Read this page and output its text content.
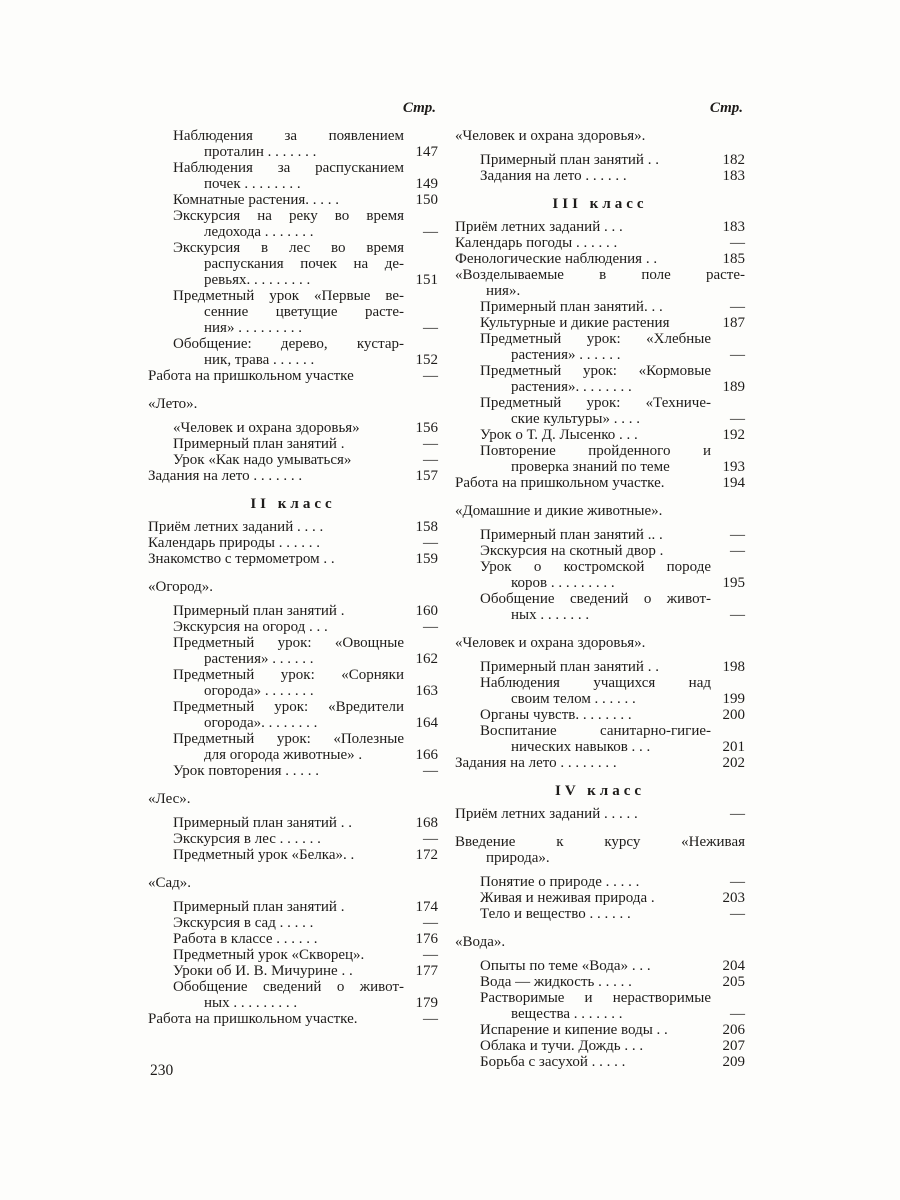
Стр.
Наблюдения за появлением
проталин . . . . . . .	147
Наблюдения за распусканием
почек . . . . . . . .	149
Комнатные растения. . . . .	150
Экскурсия на реку во время
ледохода . . . . . . .	—
Экскурсия в лес во время
распускания почек на де-
ревьях. . . . . . . . .	151
Предметный урок «Первые ве-
сенние цветущие расте-
ния» . . . . . . . . .	—
Обобщение: дерево, кустар-
ник, трава . . . . . .	152
Работа на пришкольном участке	—
«Лето».
«Человек и охрана здоровья»	156
Примерный план занятий .	—
Урок «Как надо умываться»	—
Задания на лето . . . . . . .	157
II класс
Приём летних заданий . . . .	158
Календарь природы . . . . . .	—
Знакомство с термометром . .	159
«Огород».
Примерный план занятий .	160
Экскурсия на огород . . .	—
Предметный урок: «Овощные
растения» . . . . . .	162
Предметный урок: «Сорняки
огорода» . . . . . . .	163
Предметный урок: «Вредители
огорода». . . . . . . .	164
Предметный урок: «Полезные
для огорода животные» .	166
Урок повторения . . . . .	—
«Лес».
Примерный план занятий . .	168
Экскурсия в лес . . . . . .	—
Предметный урок «Белка». .	172
«Сад».
Примерный план занятий .	174
Экскурсия в сад . . . . .	—
Работа в классе . . . . . .	176
Предметный урок «Скворец».	—
Уроки об И. В. Мичурине . .	177
Обобщение сведений о живот-
ных . . . . . . . . .	179
Работа на пришкольном участке.	—
Стр.
«Человек и охрана здоровья».
Примерный план занятий . .	182
Задания на лето . . . . . .	183
III класс
Приём летних заданий . . .	183
Календарь погоды . . . . . .	—
Фенологические наблюдения . .	185
«Возделываемые в поле расте-
ния».
Примерный план занятий. . .	—
Культурные и дикие растения	187
Предметный урок: «Хлебные
растения» . . . . . .	—
Предметный урок: «Кормовые
растения». . . . . . . .	189
Предметный урок: «Техниче-
ские культуры» . . . .	—
Урок о Т. Д. Лысенко . . .	192
Повторение пройденного и
проверка знаний по теме	193
Работа на пришкольном участке.	194
«Домашние и дикие животные».
Примерный план занятий .. .	—
Экскурсия на скотный двор .	—
Урок о костромской породе
коров . . . . . . . . .	195
Обобщение сведений о живот-
ных . . . . . . .	—
«Человек и охрана здоровья».
Примерный план занятий . .	198
Наблюдения учащихся над
своим телом . . . . . .	199
Органы чувств. . . . . . . .	200
Воспитание санитарно-гигие-
нических навыков . . .	201
Задания на лето . . . . . . . .	202
IV класс
Приём летних заданий . . . . .	—
Введение к курсу «Неживая
природа».
Понятие о природе . . . . .	—
Живая и неживая природа .	203
Тело и вещество . . . . . .	—
«Вода».
Опыты по теме «Вода» . . .	204
Вода — жидкость . . . . .	205
Растворимые и нерастворимые
вещества . . . . . . .	—
Испарение и кипение воды . .	206
Облака и тучи. Дождь . . .	207
Борьба с засухой . . . . .	209
230
